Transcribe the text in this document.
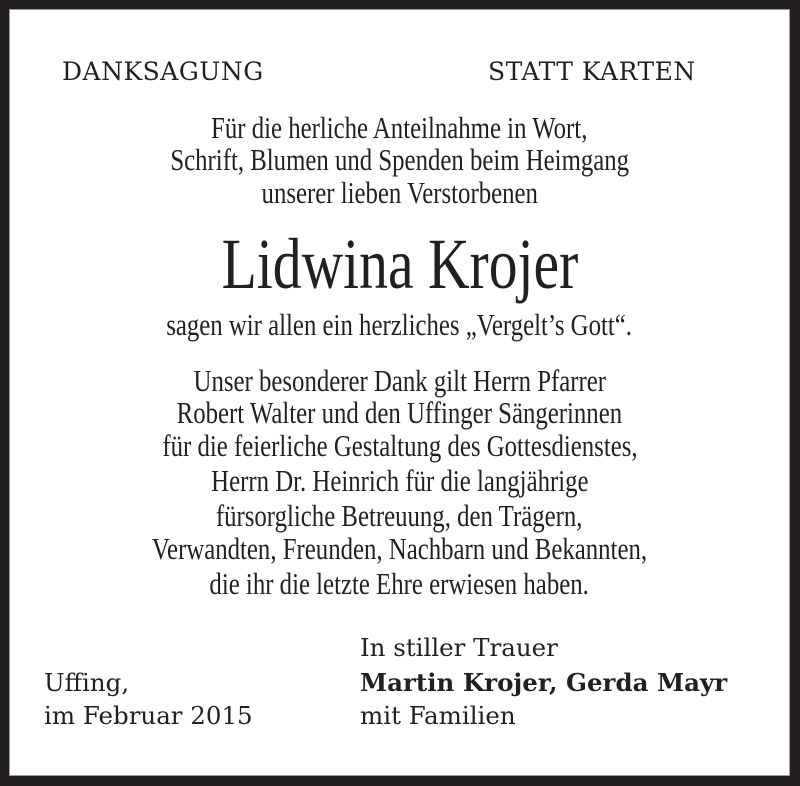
DANKSAGUNG	STATT KARTEN
Für die herliche Anteilnahme in Wort,
Schrift, Blumen und Spenden beim Heimgang
unserer lieben Verstorbenen
Lidwina Krojer
sagen wir allen ein herzliches „Vergelt’s Gott“.
Unser besonderer Dank gilt Herrn Pfarrer
Robert Walter und den Uffinger Sängerinnen
für die feierliche Gestaltung des Gottesdienstes,
Herrn Dr. Heinrich für die langjährige
fürsorgliche Betreuung, den Trägern,
Verwandten, Freunden, Nachbarn und Bekannten,
die ihr die letzte Ehre erwiesen haben.
Uffing,
im Februar 2015
In stiller Trauer
Martin Krojer, Gerda Mayr
mit Familien
